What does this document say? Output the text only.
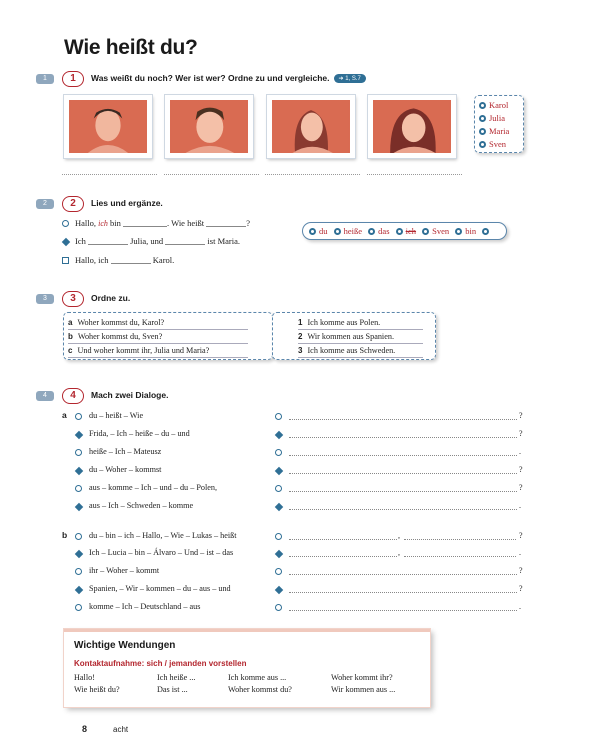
Wie heißt du?
1	1	Was weißt du noch? Wer ist wer? Ordne zu und vergleiche. ➜ 1, S.7
Karol
Julia
Maria
Sven
2	2	Lies und ergänze.
Hallo, ich bin	. Wie heißt	?
Ich	Julia, und	ist Maria.
Hallo, ich	Karol.
du heiße das ich Sven bin
3	3	Ordne zu.
a Woher kommst du, Karol?
b Woher kommst du, Sven?
c Und woher kommt ihr, Julia und Maria?
1 Ich komme aus Polen.
2 Wir kommen aus Spanien.
3 Ich komme aus Schweden.
4	4	Mach zwei Dialoge.
a	du – heißt – Wie	?
Frida, – Ich – heiße – du – und	?
heiße – Ich – Mateusz	.
du – Woher – kommst	?
aus – komme – Ich – und – du – Polen,	?
aus – Ich – Schweden – komme	.
b	du – bin – ich – Hallo, – Wie – Lukas – heißt	,	?
Ich – Lucia – bin – Álvaro – Und – ist – das	,	.
ihr – Woher – kommt	?
Spanien, – Wir – kommen – du – aus – und	?
komme – Ich – Deutschland – aus	.
Wichtige Wendungen
Kontaktaufnahme: sich / jemanden vorstellen
Hallo!	Ich heiße ...	Ich komme aus ...	Woher kommt ihr?
Wie heißt du?	Das ist ...	Woher kommst du?	Wir kommen aus ...
8	acht
